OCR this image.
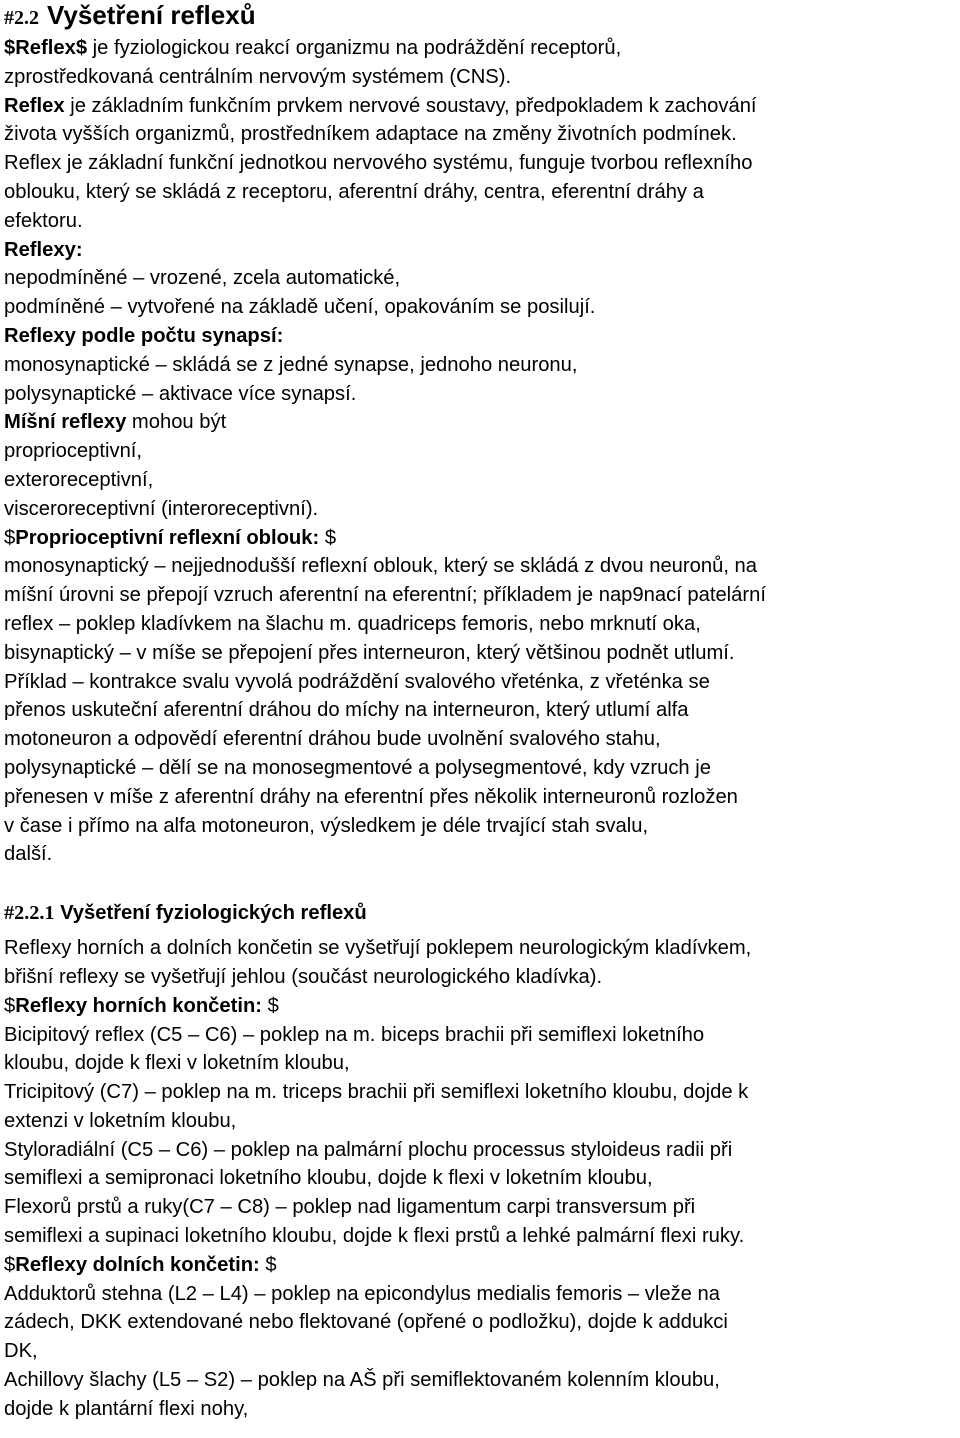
#2.2 Vyšetření reflexů
$Reflex$ je fyziologickou reakcí organizmu na podráždění receptorů,
zprostředkovaná centrálním nervovým systémem (CNS).
Reflex je základním funkčním prvkem nervové soustavy, předpokladem k zachování
života vyšších organizmů, prostředníkem adaptace na změny životních podmínek.
Reflex je základní funkční jednotkou nervového systému, funguje tvorbou reflexního
oblouku, který se skládá z receptoru, aferentní dráhy, centra, eferentní dráhy a
efektoru.
Reflexy:
nepodmíněné – vrozené, zcela automatické,
podmíněné – vytvořené na základě učení, opakováním se posilují.
Reflexy podle počtu synapsí:
monosynaptické – skládá se z jedné synapse, jednoho neuronu,
polysynaptické – aktivace více synapsí.
Míšní reflexy mohou být
proprioceptivní,
exteroreceptivní,
visceroreceptivní (interoreceptivní).
$Proprioceptivní reflexní oblouk: $
monosynaptický – nejjednodušší reflexní oblouk, který se skládá z dvou neuronů, na
míšní úrovni se přepojí vzruch aferentní na eferentní; příkladem je nap9nací patelární
reflex – poklep kladívkem na šlachu m. quadriceps femoris, nebo mrknutí oka,
bisynaptický – v míše se přepojení přes interneuron, který většinou podnět utlumí.
Příklad – kontrakce svalu vyvolá podráždění svalového vřeténka, z vřeténka se
přenos uskuteční aferentní dráhou do míchy na interneuron, který utlumí alfa
motoneuron a odpovědí eferentní dráhou bude uvolnění svalového stahu,
polysynaptické – dělí se na monosegmentové a polysegmentové, kdy vzruch je
přenesen v míše z aferentní dráhy na eferentní přes několik interneuronů rozložen
v čase i přímo na alfa motoneuron, výsledkem je déle trvající stah svalu,
další.
#2.2.1 Vyšetření fyziologických reflexů
Reflexy horních a dolních končetin se vyšetřují poklepem neurologickým kladívkem,
břišní reflexy se vyšetřují jehlou (součást neurologického kladívka).
$Reflexy horních končetin: $
Bicipitový reflex (C5 – C6) – poklep na m. biceps brachii při semiflexi loketního
kloubu, dojde k flexi v loketním kloubu,
Tricipitový (C7) – poklep na m. triceps brachii při semiflexi loketního kloubu, dojde k
extenzi v loketním kloubu,
Styloradiální (C5 – C6) – poklep na palmární plochu processus styloideus radii při
semiflexi a semipronaci loketního kloubu, dojde k flexi v loketním kloubu,
Flexorů prstů a ruky(C7 – C8) – poklep nad ligamentum carpi transversum při
semiflexi a supinaci loketního kloubu, dojde k flexi prstů a lehké palmární flexi ruky.
$Reflexy dolních končetin: $
Adduktorů stehna (L2 – L4) – poklep na epicondylus medialis femoris – vleže na
zádech, DKK extendované nebo flektované (opřené o podložku), dojde k addukci
DK,
Achillovy šlachy (L5 – S2) – poklep na AŠ při semiflektovaném kolenním kloubu,
dojde k plantární flexi nohy,
